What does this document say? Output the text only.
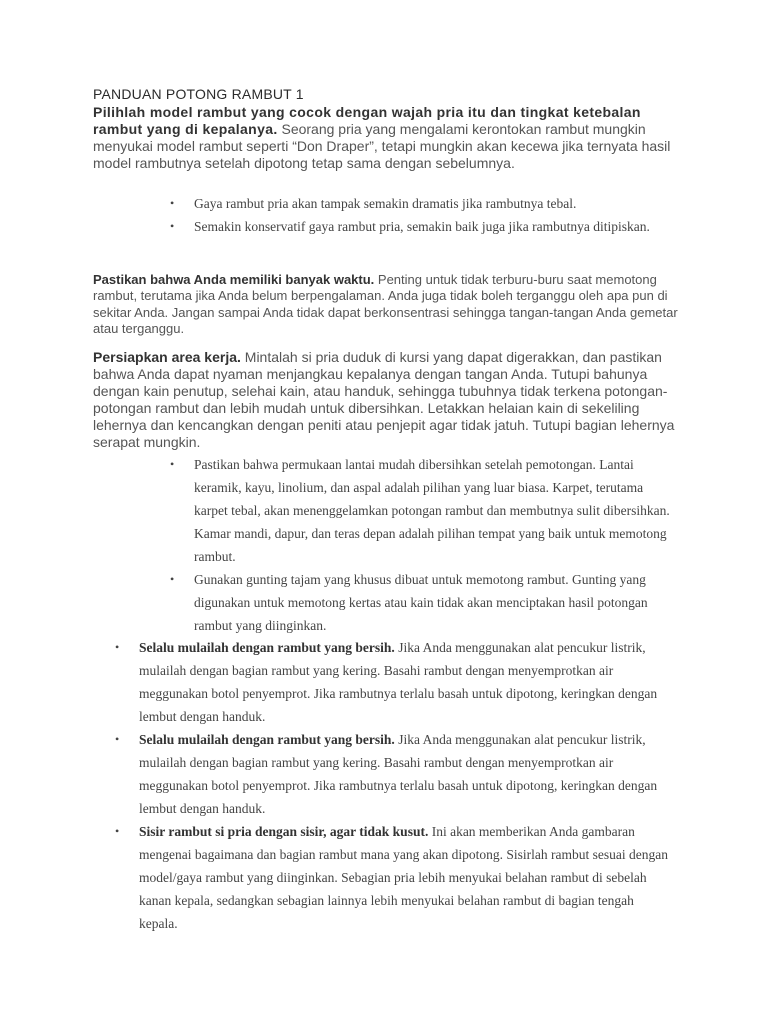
PANDUAN POTONG RAMBUT 1

Pilihlah model rambut yang cocok dengan wajah pria itu dan tingkat ketebalan rambut yang di kepalanya. Seorang pria yang mengalami kerontokan rambut mungkin menyukai model rambut seperti “Don Draper”, tetapi mungkin akan kecewa jika ternyata hasil model rambutnya setelah dipotong tetap sama dengan sebelumnya.

• Gaya rambut pria akan tampak semakin dramatis jika rambutnya tebal.
• Semakin konservatif gaya rambut pria, semakin baik juga jika rambutnya ditipiskan.

Pastikan bahwa Anda memiliki banyak waktu. Penting untuk tidak terburu-buru saat memotong rambut, terutama jika Anda belum berpengalaman. Anda juga tidak boleh terganggu oleh apa pun di sekitar Anda. Jangan sampai Anda tidak dapat berkonsentrasi sehingga tangan-tangan Anda gemetar atau terganggu.

Persiapkan area kerja. Mintalah si pria duduk di kursi yang dapat digerakkan, dan pastikan bahwa Anda dapat nyaman menjangkau kepalanya dengan tangan Anda. Tutupi bahunya dengan kain penutup, selehai kain, atau handuk, sehingga tubuhnya tidak terkena potongan-potongan rambut dan lebih mudah untuk dibersihkan. Letakkan helaian kain di sekeliling lehernya dan kencangkan dengan peniti atau penjepit agar tidak jatuh. Tutupi bagian lehernya serapat mungkin.

• Pastikan bahwa permukaan lantai mudah dibersihkan setelah pemotongan. Lantai keramik, kayu, linolium, dan aspal adalah pilihan yang luar biasa. Karpet, terutama karpet tebal, akan menenggelamkan potongan rambut dan membutnya sulit dibersihkan. Kamar mandi, dapur, dan teras depan adalah pilihan tempat yang baik untuk memotong rambut.
• Gunakan gunting tajam yang khusus dibuat untuk memotong rambut. Gunting yang digunakan untuk memotong kertas atau kain tidak akan menciptakan hasil potongan rambut yang diinginkan.
• Selalu mulailah dengan rambut yang bersih. Jika Anda menggunakan alat pencukur listrik, mulailah dengan bagian rambut yang kering. Basahi rambut dengan menyemprotkan air meggunakan botol penyemprot. Jika rambutnya terlalu basah untuk dipotong, keringkan dengan lembut dengan handuk.
• Selalu mulailah dengan rambut yang bersih. Jika Anda menggunakan alat pencukur listrik, mulailah dengan bagian rambut yang kering. Basahi rambut dengan menyemprotkan air meggunakan botol penyemprot. Jika rambutnya terlalu basah untuk dipotong, keringkan dengan lembut dengan handuk.
• Sisir rambut si pria dengan sisir, agar tidak kusut. Ini akan memberikan Anda gambaran mengenai bagaimana dan bagian rambut mana yang akan dipotong. Sisirlah rambut sesuai dengan model/gaya rambut yang diinginkan. Sebagian pria lebih menyukai belahan rambut di sebelah kanan kepala, sedangkan sebagian lainnya lebih menyukai belahan rambut di bagian tengah kepala.
